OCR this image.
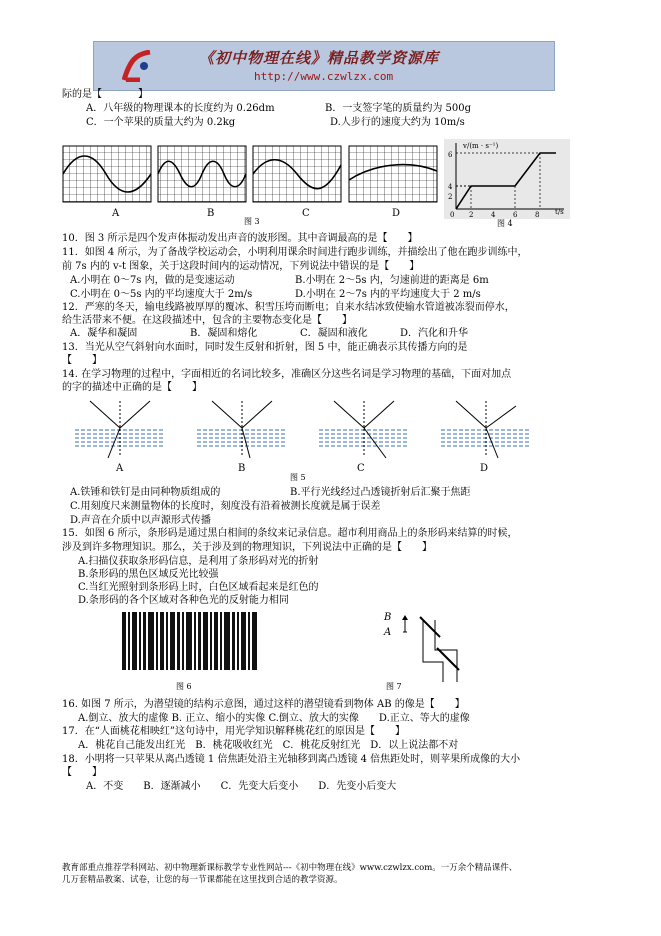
《初中物理在线》精品教学资源库
http://www.czwlzx.com
际的是【	】
A．八年级的物理课本的长度约为 0.26dm	B．一支签字笔的质量约为 500g
C．一个苹果的质量大约为 0.2kg	D.人步行的速度大约为 10m/s
A	B	C	D
图 3
v/(m · s⁻¹)
6
4
2
0 2	4	6	8 t/s
图 4
10．图 3 所示是四个发声体振动发出声音的波形图。其中音调最高的是【　　】
11．如图 4 所示，为了备战学校运动会，小明利用课余时间进行跑步训练，并描绘出了他在跑步训练中，
前 7s 内的 v-t 图象，关于这段时间内的运动情况，下列说法中错误的是【　　】
A.小明在 0～7s 内，做的是变速运动	B.小明在 2～5s 内，匀速前进的距离是 6m
C.小明在 0～5s 内的平均速度大于 2m/s	D.小明在 2～7s 内的平均速度大于 2 m/s
12．严寒的冬天，输电线路被厚厚的覆冰、积雪压垮而断电；自来水结冰致使输水管道被冻裂而停水，
给生活带来不便。在这段描述中，包含的主要物态变化是【　　】
A．凝华和凝固	B．凝固和熔化	C．凝固和液化	D．汽化和升华
13．当光从空气斜射向水面时，同时发生反射和折射，图 5 中，能正确表示其传播方向的是
【　　】
14. 在学习物理的过程中，字面相近的名词比较多，准确区分这些名词是学习物理的基础，下面对加点
的字的描述中正确的是【　　】
A	B	C	D
图 5
A.铁锤和铁钉是由同种物质组成的	B.平行光线经过凸透镜折射后汇聚于焦距
C.用刻度尺来测量物体的长度时，刻度没有沿着被测长度就是属于误差
D.声音在介质中以声源形式传播
15．如图 6 所示，条形码是通过黑白相间的条纹来记录信息。超市利用商品上的条形码来结算的时候，
涉及到许多物理知识。那么，关于涉及到的物理知识，下列说法中正确的是【　　】
A.扫描仪获取条形码信息，是利用了条形码对光的折射
B.条形码的黑色区域反光比较强
C.当红光照射到条形码上时，白色区域看起来是红色的
D.条形码的各个区域对各种色光的反射能力相同
图 6
B
A
图 7
16. 如图 7 所示，为潜望镜的结构示意图，通过这样的潜望镜看到物体 AB 的像是【　　】
A.倒立、放大的虚像 B. 正立、缩小的实像 C.倒立、放大的实像　　D.正立、等大的虚像
17．在“人面桃花相映红”这句诗中，用光学知识解释桃花红的原因是【　　】
A．桃花自己能发出红光　B．桃花吸收红光　C．桃花反射红光　D．以上说法都不对
18．小明将一只苹果从离凸透镜 1 倍焦距处沿主光轴移到离凸透镜 4 倍焦距处时，则苹果所成像的大小
【　　】
A．不变　　B．逐渐减小　　C．先变大后变小　　D．先变小后变大
教育部重点推荐学科网站、初中物理新课标教学专业性网站---《初中物理在线》www.czwlzx.com。一万余个精品课件、
几万套精品教案、试卷，让您的每一节课都能在这里找到合适的教学资源。
